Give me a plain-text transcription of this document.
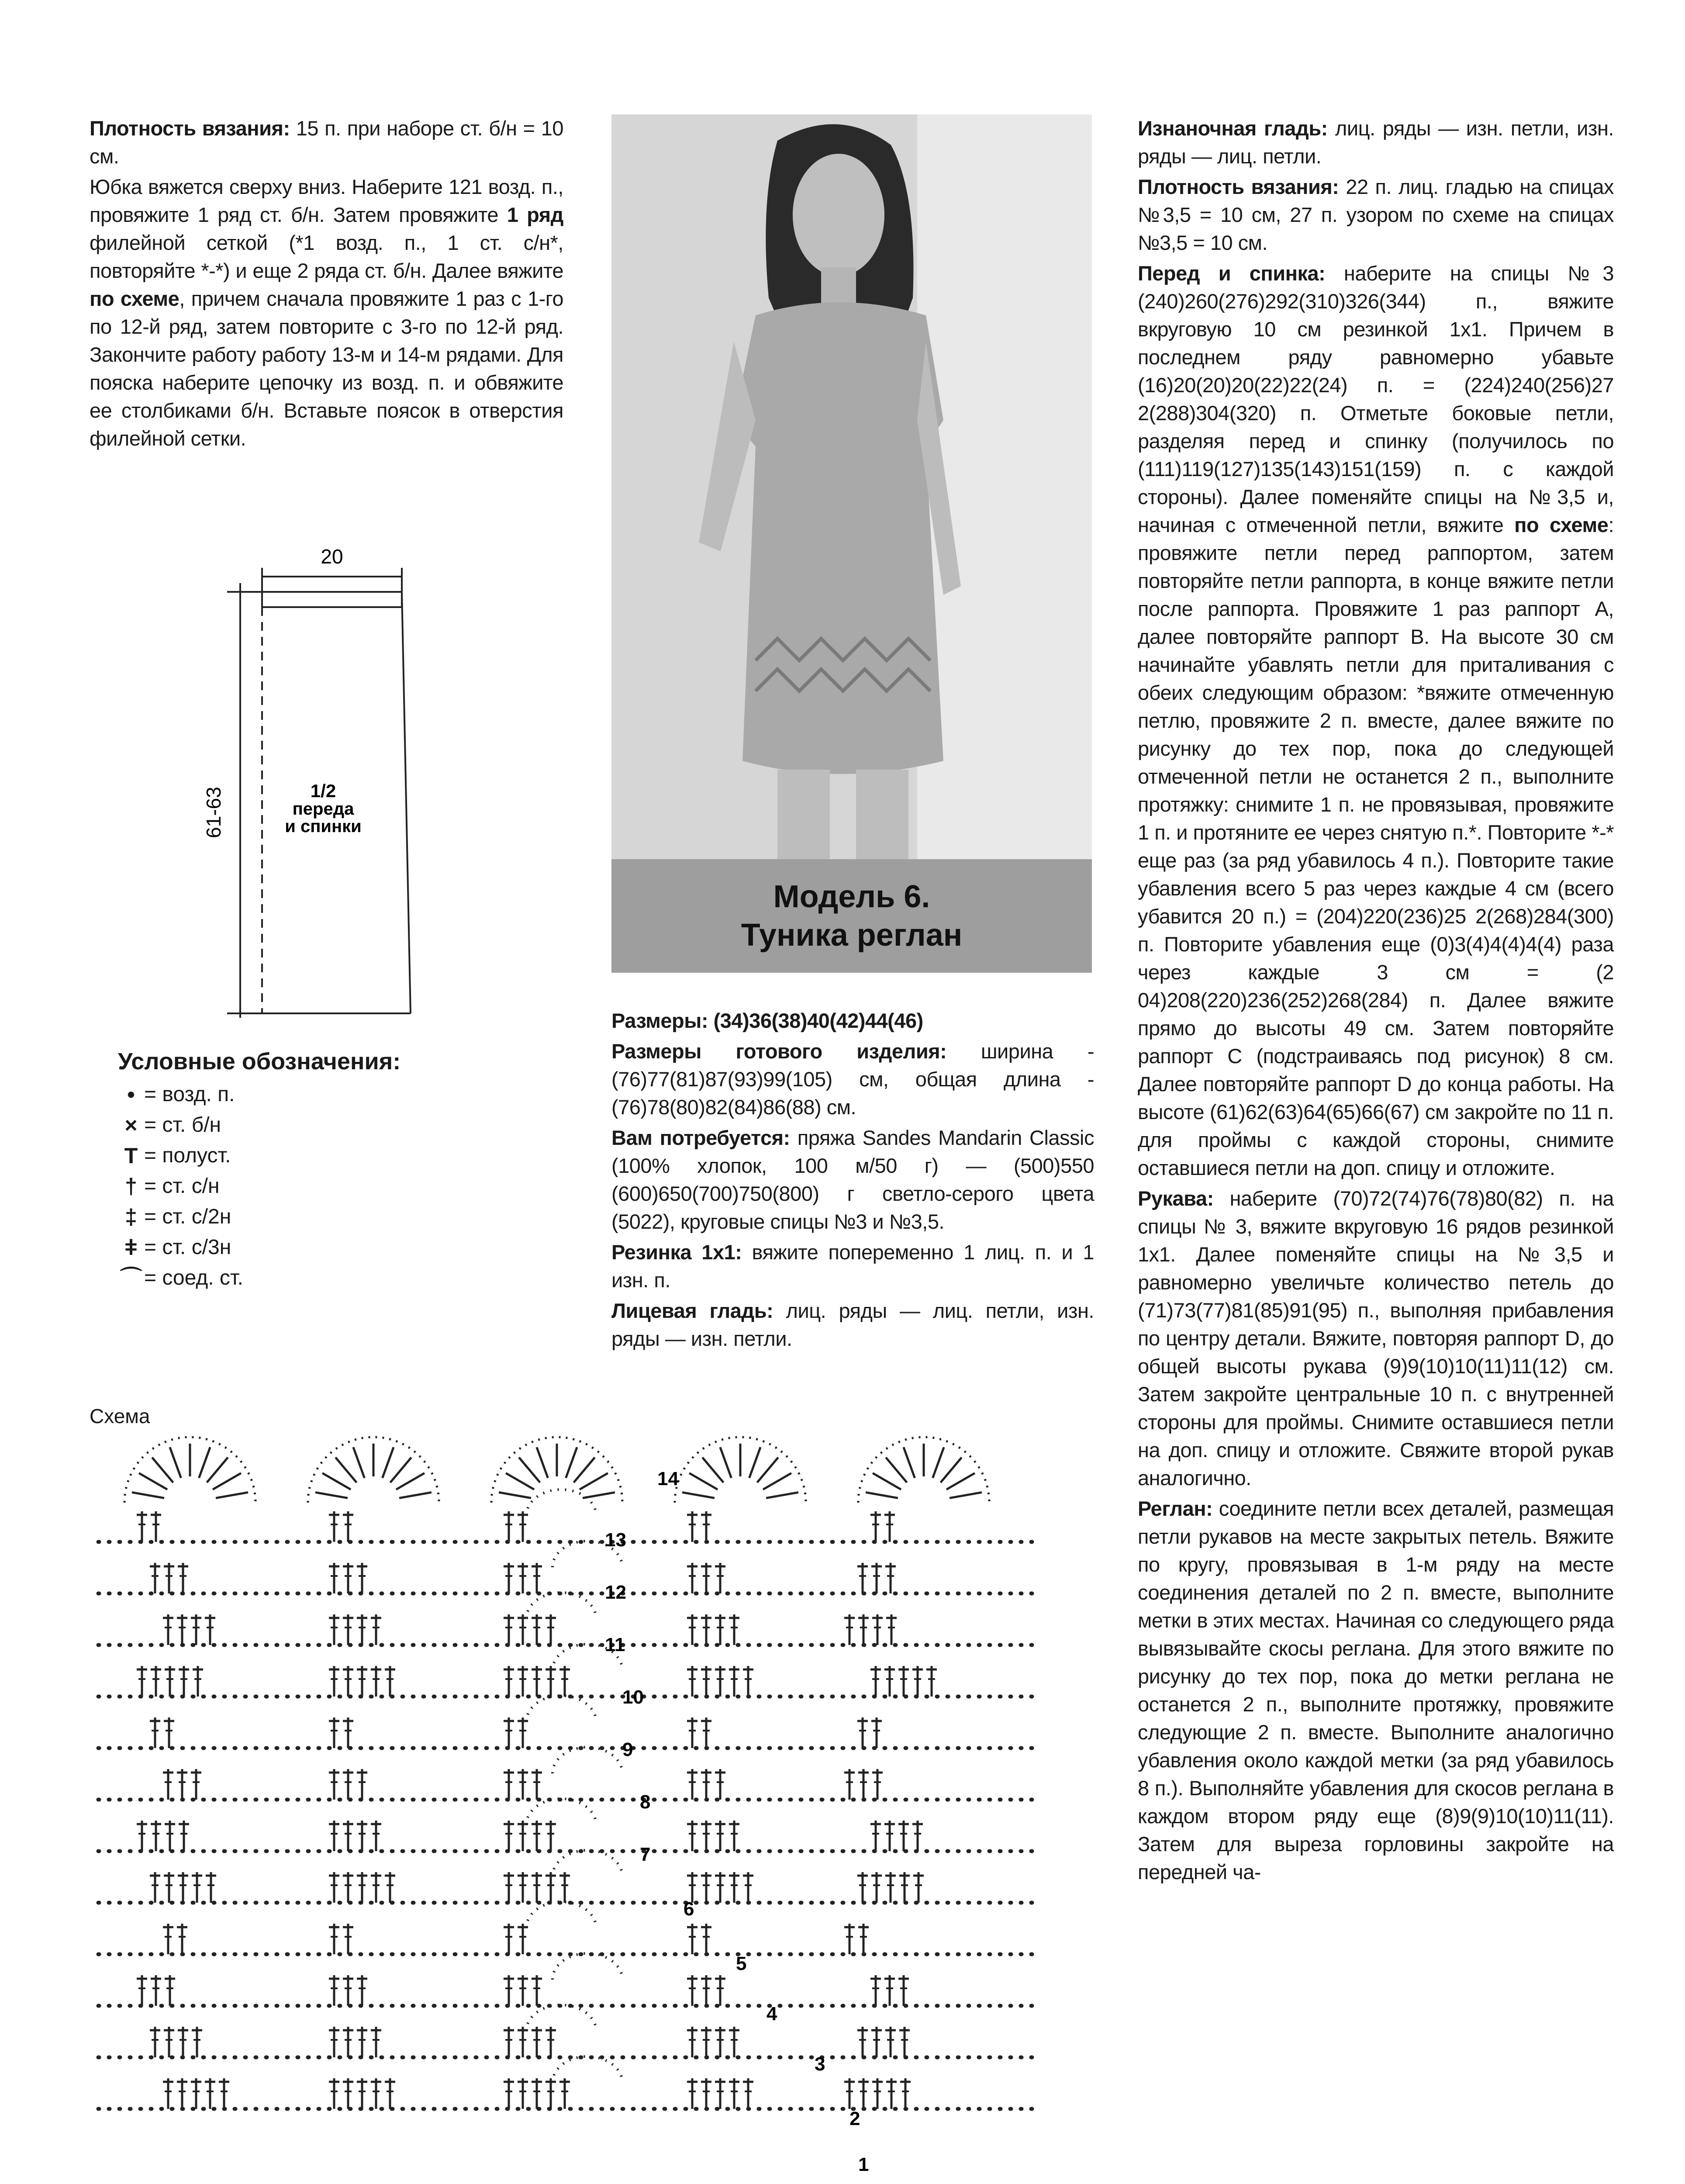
Плотность вязания: 15 п. при наборе ст. б/н = 10 см.

Юбка вяжется сверху вниз. Наберите 121 возд. п., провяжите 1 ряд ст. б/н. Затем провяжите 1 ряд филейной сеткой (*1 возд. п., 1 ст. с/н*, повторяйте *-*) и еще 2 ряда ст. б/н. Далее вяжите по схеме, причем сначала провяжите 1 раз с 1-го по 12-й ряд, затем повторите с 3-го по 12-й ряд. Закончите работу работу 13-м и 14-м рядами. Для пояска наберите цепочку из возд. п. и обвяжите ее столбиками б/н. Вставьте поясок в отверстия филейной сетки.

20
61-63	1/2
переда
и спинки
Условные обозначения:
• = возд. п.
× = ст. б/н
T = полуст.
† = ст. с/н
‡ = ст. с/2н
ǂ = ст. с/3н
⌒ = соед. ст.
Схема
1
2
3
4
5
6
7
8
9
10
11
12
13
14
Модель 6.
Туника реглан

Размеры: (34)36(38)40(42)44(46)

Размеры готового изделия: ширина - (76)77(81)87(93)99(105) см, общая длина - (76)78(80)82(84)86(88) см.

Вам потребуется: пряжа Sandes Mandarin Classic (100% хлопок, 100 м/50 г) — (500)550 (600)650(700)750(800) г светло-серого цвета (5022), круговые спицы №3 и №3,5.

Резинка 1x1: вяжите попеременно 1 лиц. п. и 1 изн. п.

Лицевая гладь: лиц. ряды — лиц. петли, изн. ряды — изн. петли.

Изнаночная гладь: лиц. ряды — изн. петли, изн. ряды — лиц. петли.

Плотность вязания: 22 п. лиц. гладью на спицах №3,5 = 10 см, 27 п. узором по схеме на спицах №3,5 = 10 см.

Перед и спинка: наберите на спицы №3 (240)260(276)292(310)326(344) п., вяжите вкруговую 10 см резинкой 1x1. Причем в последнем ряду равномерно убавьте (16)20(20)20(22)22(24) п. = (224)240(256)27 2(288)304(320) п. Отметьте боковые петли, разделяя перед и спинку (получилось по (111)119(127)135(143)151(159) п. с каждой стороны). Далее поменяйте спицы на №3,5 и, начиная с отмеченной петли, вяжите по схеме: провяжите петли перед раппортом, затем повторяйте петли раппорта, в конце вяжите петли после раппорта. Провяжите 1 раз раппорт А, далее повторяйте раппорт В. На высоте 30 см начинайте убавлять петли для приталивания с обеих следующим образом: *вяжите отмеченную петлю, провяжите 2 п. вместе, далее вяжите по рисунку до тех пор, пока до следующей отмеченной петли не останется 2 п., выполните протяжку: снимите 1 п. не провязывая, провяжите 1 п. и протяните ее через снятую п.*. Повторите *-* еще раз (за ряд убавилось 4 п.). Повторите такие убавления всего 5 раз через каждые 4 см (всего убавится 20 п.) = (204)220(236)25 2(268)284(300) п. Повторите убавления еще (0)3(4)4(4)4(4) раза через каждые 3 см = (2 04)208(220)236(252)268(284) п. Далее вяжите прямо до высоты 49 см. Затем повторяйте раппорт С (подстраиваясь под рисунок) 8 см. Далее повторяйте раппорт D до конца работы. На высоте (61)62(63)64(65)66(67) см закройте по 11 п. для проймы с каждой стороны, снимите оставшиеся петли на доп. спицу и отложите.

Рукава: наберите (70)72(74)76(78)80(82) п. на спицы № 3, вяжите вкруговую 16 рядов резинкой 1x1. Далее поменяйте спицы на №3,5 и равномерно увеличьте количество петель до (71)73(77)81(85)91(95) п., выполняя прибавления по центру детали. Вяжите, повторяя раппорт D, до общей высоты рукава (9)9(10)10(11)11(12) см. Затем закройте центральные 10 п. с внутренней стороны для проймы. Снимите оставшиеся петли на доп. спицу и отложите. Свяжите второй рукав аналогично.

Реглан: соедините петли всех деталей, размещая петли рукавов на месте закрытых петель. Вяжите по кругу, провязывая в 1-м ряду на месте соединения деталей по 2 п. вместе, выполните метки в этих местах. Начиная со следующего ряда вывязывайте скосы реглана. Для этого вяжите по рисунку до тех пор, пока до метки реглана не останется 2 п., выполните протяжку, провяжите следующие 2 п. вместе. Выполните аналогично убавления около каждой метки (за ряд убавилось 8 п.). Выполняйте убавления для скосов реглана в каждом втором ряду еще (8)9(9)10(10)11(11). Затем для выреза горловины закройте на передней ча-
